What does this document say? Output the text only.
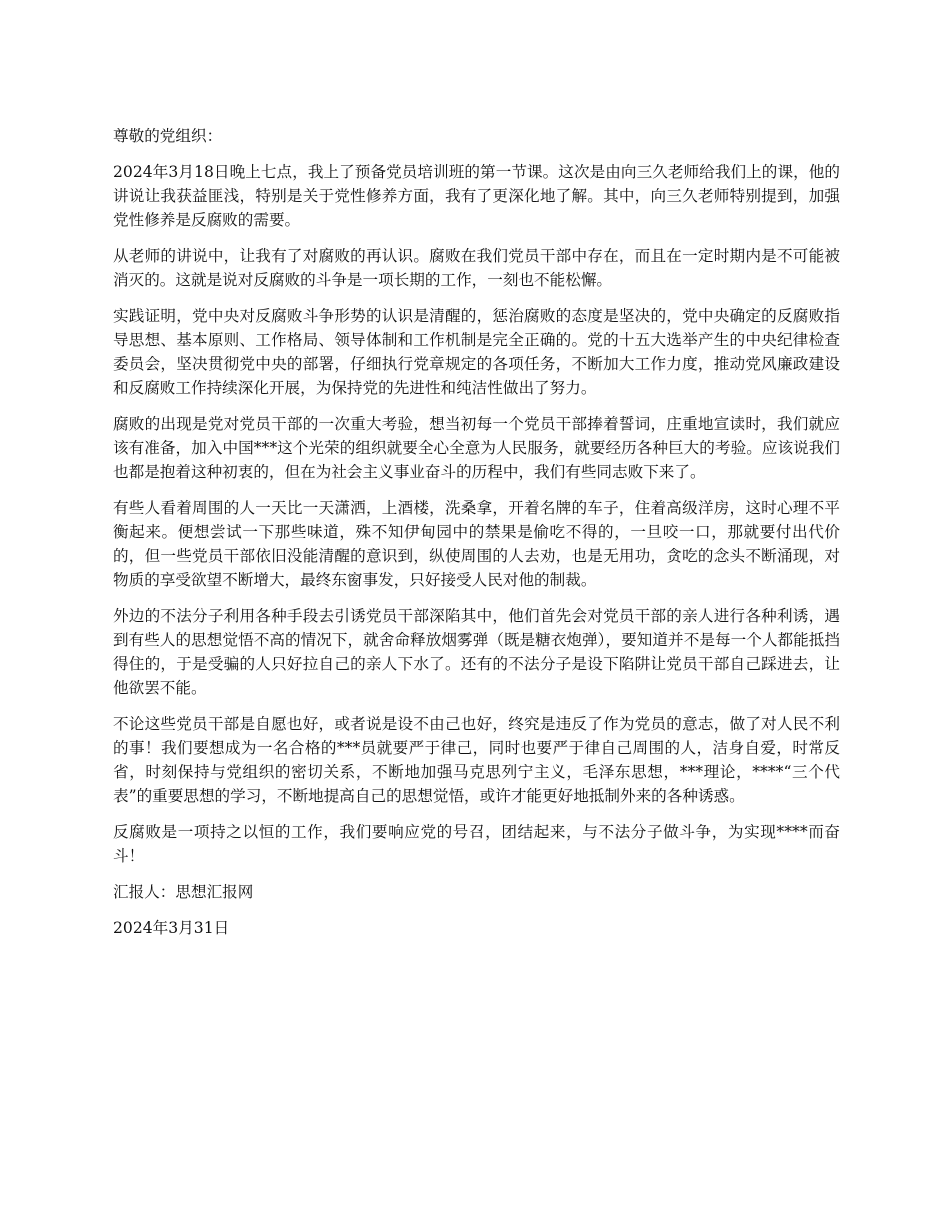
尊敬的党组织：

2024年3月18日晚上七点，我上了预备党员培训班的第一节课。这次是由向三久老师给我们上的课，他的讲说让我获益匪浅，特别是关于党性修养方面，我有了更深化地了解。其中，向三久老师特别提到，加强党性修养是反腐败的需要。

从老师的讲说中，让我有了对腐败的再认识。腐败在我们党员干部中存在，而且在一定时期内是不可能被消灭的。这就是说对反腐败的斗争是一项长期的工作，一刻也不能松懈。

实践证明，党中央对反腐败斗争形势的认识是清醒的，惩治腐败的态度是坚决的，党中央确定的反腐败指导思想、基本原则、工作格局、领导体制和工作机制是完全正确的。党的十五大选举产生的中央纪律检查委员会，坚决贯彻党中央的部署，仔细执行党章规定的各项任务，不断加大工作力度，推动党风廉政建设和反腐败工作持续深化开展，为保持党的先进性和纯洁性做出了努力。

腐败的出现是党对党员干部的一次重大考验，想当初每一个党员干部捧着誓词，庄重地宣读时，我们就应该有准备，加入中国***这个光荣的组织就要全心全意为人民服务，就要经历各种巨大的考验。应该说我们也都是抱着这种初衷的，但在为社会主义事业奋斗的历程中，我们有些同志败下来了。

有些人看着周围的人一天比一天潇洒，上酒楼，洗桑拿，开着名牌的车子，住着高级洋房，这时心理不平衡起来。便想尝试一下那些味道，殊不知伊甸园中的禁果是偷吃不得的，一旦咬一口，那就要付出代价的，但一些党员干部依旧没能清醒的意识到，纵使周围的人去劝，也是无用功，贪吃的念头不断涌现，对物质的享受欲望不断增大，最终东窗事发，只好接受人民对他的制裁。

外边的不法分子利用各种手段去引诱党员干部深陷其中，他们首先会对党员干部的亲人进行各种利诱，遇到有些人的思想觉悟不高的情况下，就舍命释放烟雾弹（既是糖衣炮弹），要知道并不是每一个人都能抵挡得住的，于是受骗的人只好拉自己的亲人下水了。还有的不法分子是设下陷阱让党员干部自己踩进去，让他欲罢不能。

不论这些党员干部是自愿也好，或者说是设不由己也好，终究是违反了作为党员的意志，做了对人民不利的事！我们要想成为一名合格的***员就要严于律己，同时也要严于律自己周围的人，洁身自爱，时常反省，时刻保持与党组织的密切关系，不断地加强马克思列宁主义，毛泽东思想，***理论，****“三个代表”的重要思想的学习，不断地提高自己的思想觉悟，或许才能更好地抵制外来的各种诱惑。

反腐败是一项持之以恒的工作，我们要响应党的号召，团结起来，与不法分子做斗争，为实现****而奋斗！

汇报人：思想汇报网

2024年3月31日
